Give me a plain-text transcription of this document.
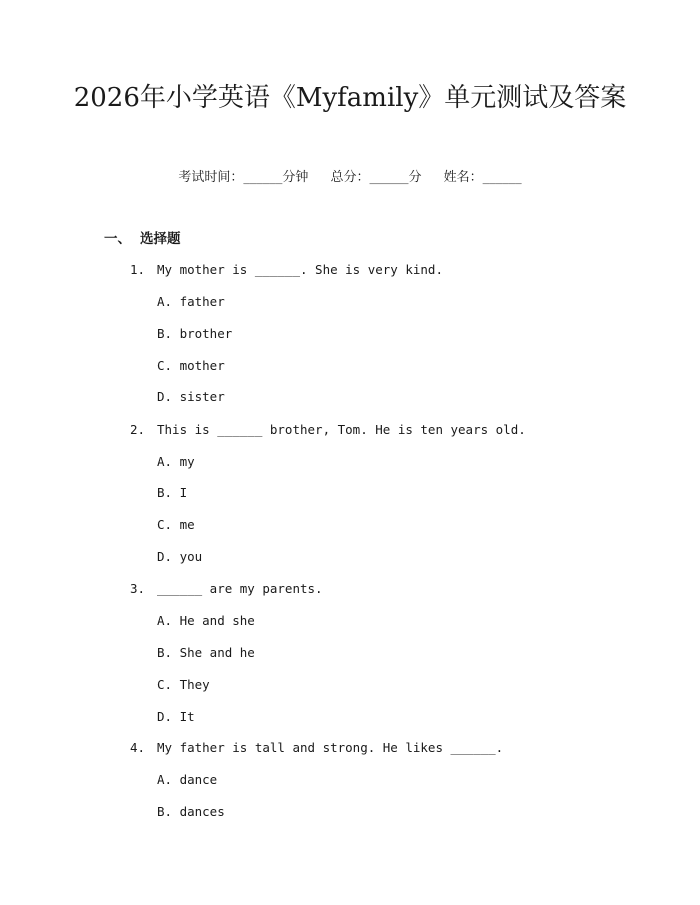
2026年小学英语《Myfamily》单元测试及答案
考试时间：______分钟 总分：______分 姓名：______
一、 选择题
1. My mother is ______. She is very kind.
A. father
B. brother
C. mother
D. sister
2. This is ______ brother, Tom. He is ten years old.
A. my
B. I
C. me
D. you
3. ______ are my parents.
A. He and she
B. She and he
C. They
D. It
4. My father is tall and strong. He likes ______.
A. dance
B. dances
